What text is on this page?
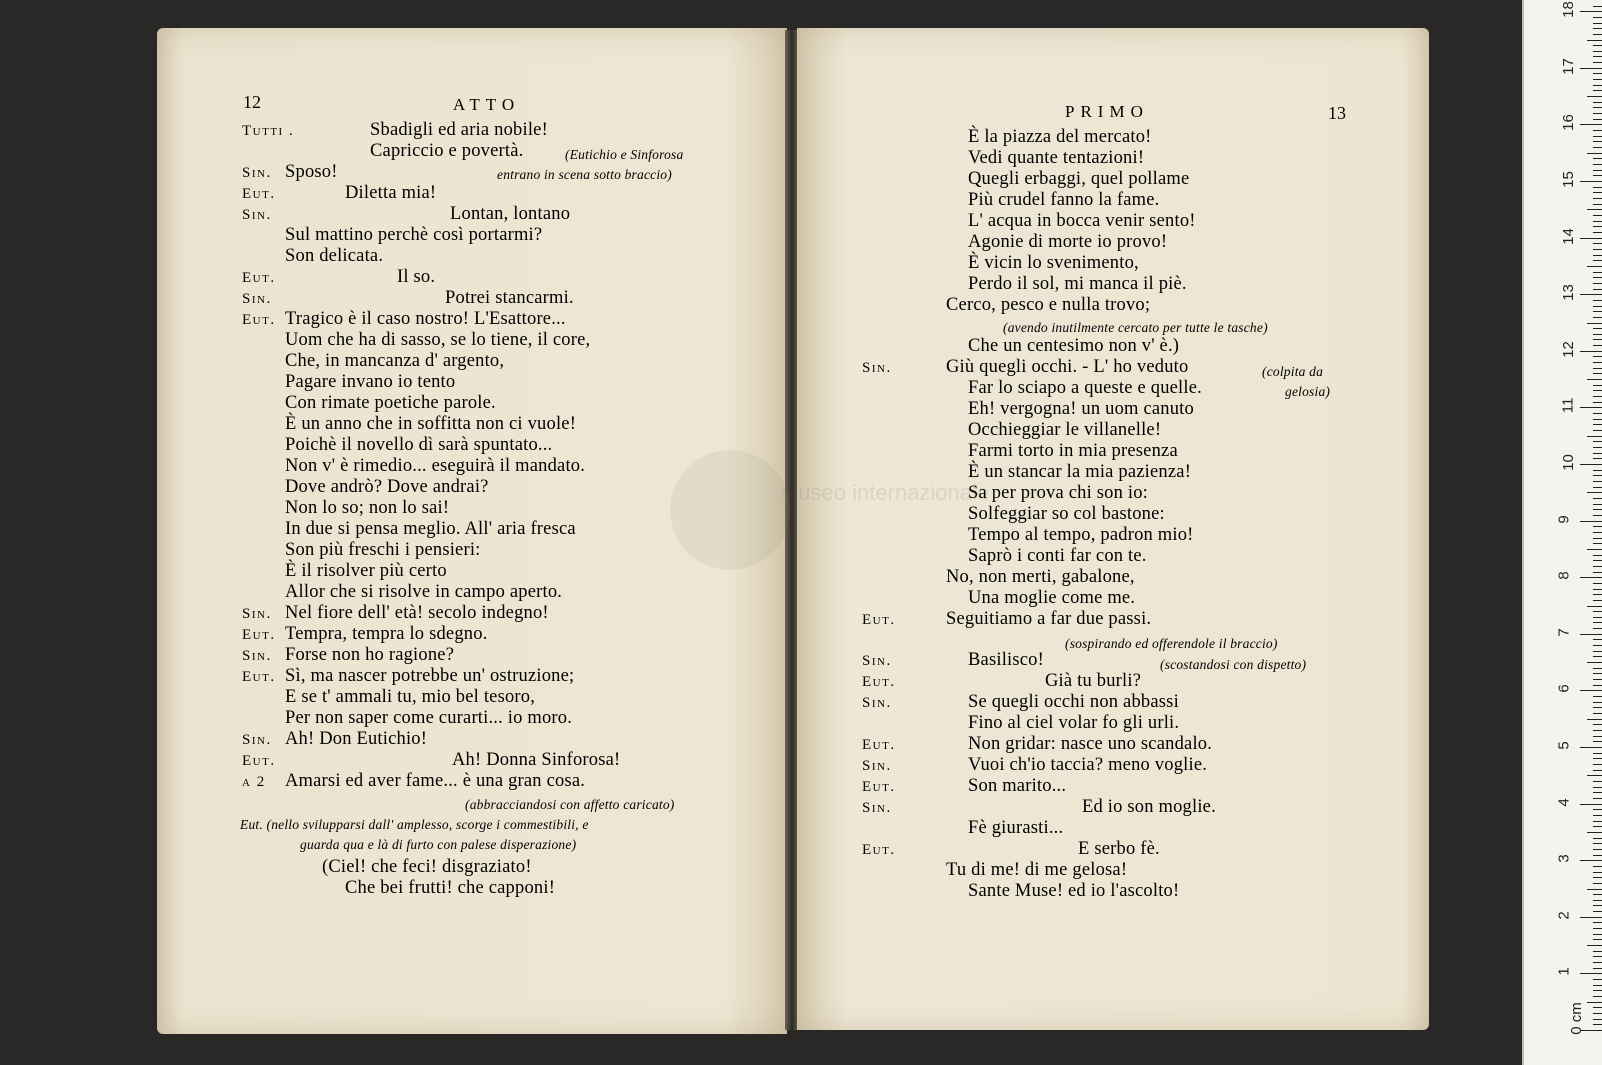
museo internazionale
12	ATTO	PRIMO	13
Tutti .	Sbadigli ed aria nobile!
Capriccio e povertà.
Sin. Sposo!
Eut.	Diletta mia!
Sin.	Lontan, lontano
Sul mattino perchè così portarmi?
Son delicata.
Eut.	Il so.
Sin.	Potrei stancarmi.
Eut. Tragico è il caso nostro! L'Esattore...
Uom che ha di sasso, se lo tiene, il core,
Che, in mancanza d' argento,
Pagare invano io tento
Con rimate poetiche parole.
È un anno che in soffitta non ci vuole!
Poichè il novello dì sarà spuntato...
Non v' è rimedio... eseguirà il mandato.
Dove andrò? Dove andrai?
Non lo so; non lo sai!
In due si pensa meglio. All' aria fresca
Son più freschi i pensieri:
È il risolver più certo
Allor che si risolve in campo aperto.
Sin. Nel fiore dell' età! secolo indegno!
Eut. Tempra, tempra lo sdegno.
Sin. Forse non ho ragione?
Eut. Sì, ma nascer potrebbe un' ostruzione;
E se t' ammali tu, mio bel tesoro,
Per non saper come curarti... io moro.
Sin. Ah! Don Eutichio!
Eut.	Ah! Donna Sinforosa!
a 2 Amarsi ed aver fame... è una gran cosa.
(Ciel! che feci! disgraziato!
Che bei frutti! che capponi!
(Eutichio e Sinforosa
entrano in scena sotto braccio)
(abbracciandosi con affetto caricato)
Eut. (nello svilupparsi dall' amplesso, scorge i commestibili, e
guarda qua e là di furto con palese disperazione)
È la piazza del mercato!
Vedi quante tentazioni!
Quegli erbaggi, quel pollame
Più crudel fanno la fame.
L' acqua in bocca venir sento!
Agonie di morte io provo!
È vicin lo svenimento,
Perdo il sol, mi manca il piè.
Cerco, pesco e nulla trovo;
Che un centesimo non v' è.)
Sin.	Giù quegli occhi. - L' ho veduto
Far lo sciapo a queste e quelle.
Eh! vergogna! un uom canuto
Occhieggiar le villanelle!
Farmi torto in mia presenza
È un stancar la mia pazienza!
Sa per prova chi son io:
Solfeggiar so col bastone:
Tempo al tempo, padron mio!
Saprò i conti far con te.
No, non merti, gabalone,
Una moglie come me.
Eut.	Seguitiamo a far due passi.
Sin.	Basilisco!
Eut.	Già tu burli?
Sin.	Se quegli occhi non abbassi
Fino al ciel volar fo gli urli.
Eut.	Non gridar: nasce uno scandalo.
Sin.	Vuoi ch'io taccia? meno voglie.
Eut.	Son marito...
Sin.	Ed io son moglie.
Fè giurasti...
Eut.	E serbo fè.
Tu di me! di me gelosa!
Sante Muse! ed io l'ascolto!
(avendo inutilmente cercato per tutte le tasche)
(colpita da
gelosia)
(sospirando ed offerendole il braccio)
(scostandosi con dispetto)
0 cm
1
2
3
4
5
6
7
8
9
10
11
12
13
14
15
16
17
18
